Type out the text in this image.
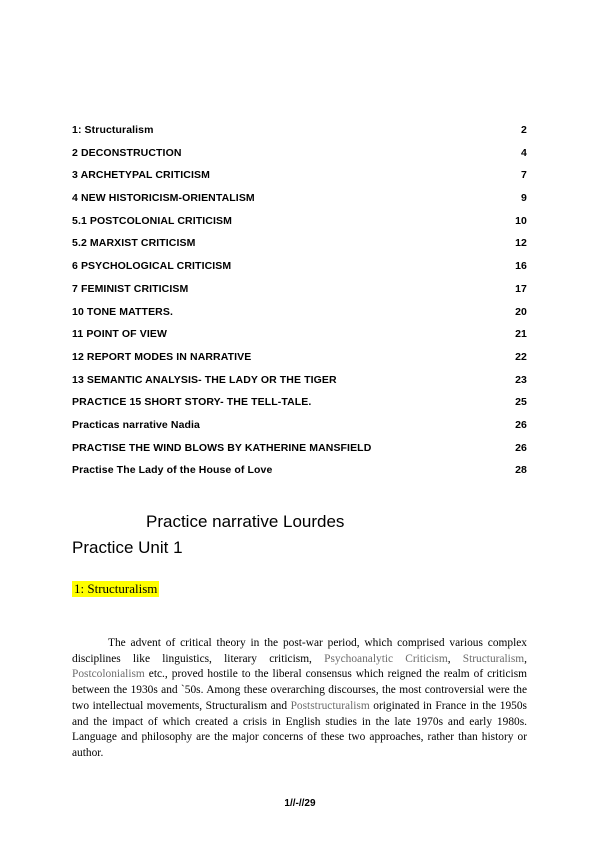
1: Structuralism	2
2 DECONSTRUCTION	4
3 ARCHETYPAL CRITICISM	7
4 NEW HISTORICISM-ORIENTALISM	9
5.1 POSTCOLONIAL CRITICISM	10
5.2 MARXIST CRITICISM	12
6 PSYCHOLOGICAL CRITICISM	16
7 FEMINIST CRITICISM	17
10 TONE MATTERS.	20
11 POINT OF VIEW	21
12 REPORT MODES IN NARRATIVE	22
13 SEMANTIC ANALYSIS- THE LADY OR THE TIGER	23
PRACTICE 15 SHORT STORY- THE TELL-TALE.	25
Practicas narrative Nadia	26
PRACTISE THE WIND BLOWS BY KATHERINE MANSFIELD	26
Practise The Lady of the House of Love	28
Practice narrative Lourdes
Practice Unit 1
1: Structuralism

The advent of critical theory in the post-war period, which comprised various complex disciplines like linguistics, literary criticism, Psychoanalytic Criticism, Structuralism, Postcolonialism etc., proved hostile to the liberal consensus which reigned the realm of criticism between the 1930s and `50s. Among these overarching discourses, the most controversial were the two intellectual movements, Structuralism and Poststructuralism originated in France in the 1950s and the impact of which created a crisis in English studies in the late 1970s and early 1980s. Language and philosophy are the major concerns of these two approaches, rather than history or author.

1//-//29
